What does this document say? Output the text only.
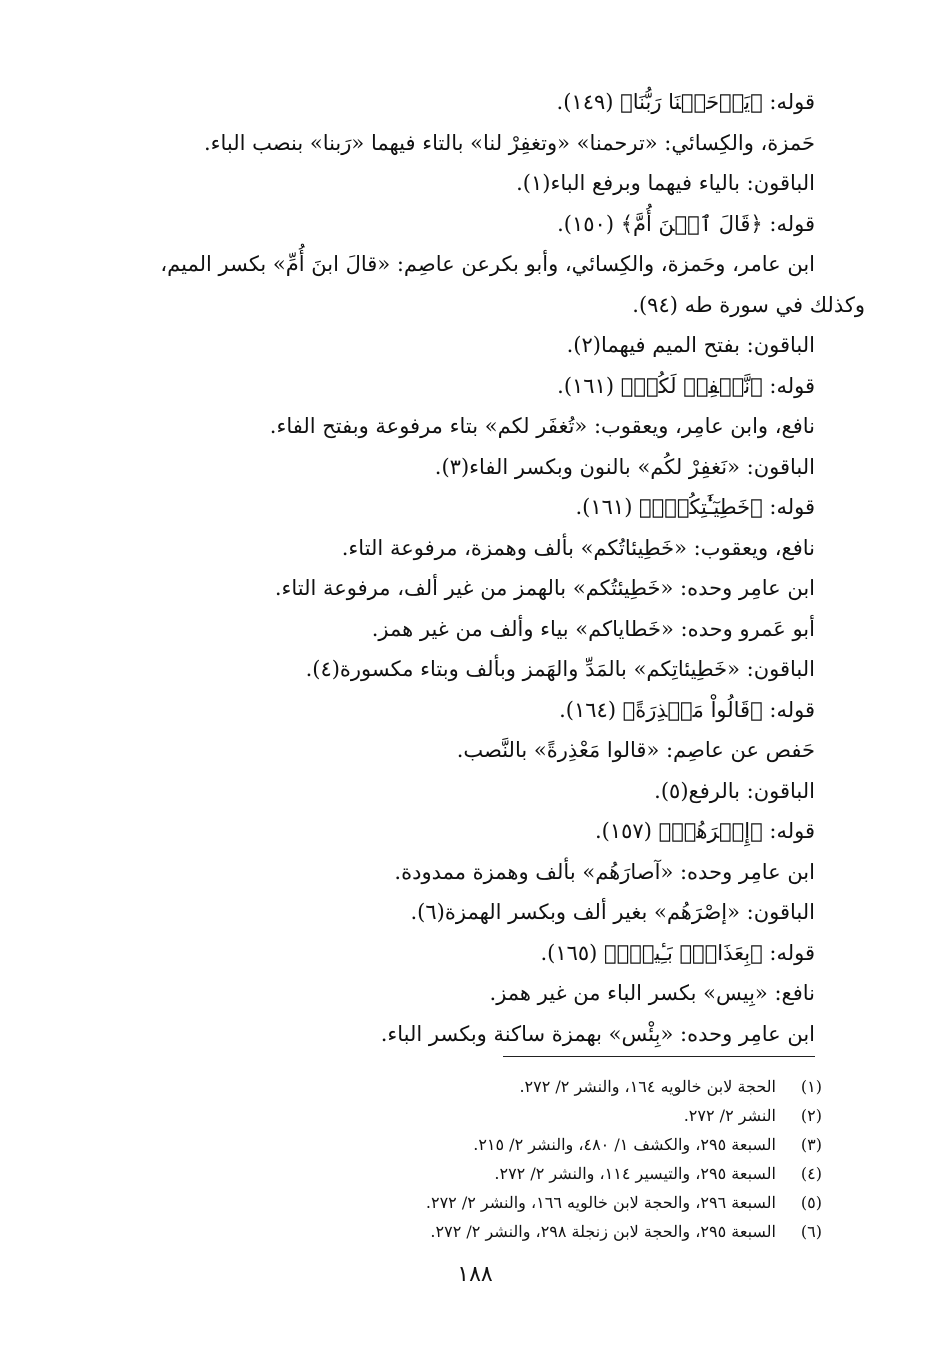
قوله: ﴿يَرۡحَمۡنَا رَبُّنَا﴾ (١٤٩).
حَمزة، والكِسائي: «ترحمنا» «وتغفِرْ لنا» بالتاء فيهما «رَبنا» بنصب الباء.
الباقون: بالياء فيهما وبرفع الباء(١).
قوله: ﴿قَالَ ٱبۡنَ أُمَّ﴾ (١٥٠).
ابن عامر، وحَمزة، والكِسائي، وأبو بكرعن عاصِم: «قالَ ابنَ أُمِّ» بكسر الميم،
وكذلك في سورة طه (٩٤).
الباقون: بفتح الميم فيهما(٢).
قوله: ﴿نَّغۡفِرۡ لَكُمۡ﴾ (١٦١).
نافع، وابن عامِر، ويعقوب: «تُغفَر لكم» بتاء مرفوعة وبفتح الفاء.
الباقون: «نَغفِرْ لكُم» بالنون وبكسر الفاء(٣).
قوله: ﴿خَطِيٓـَٰٔتِكُمۡۚ﴾ (١٦١).
نافع، ويعقوب: «خَطِيئاتُكم» بألف وهمزة، مرفوعة التاء.
ابن عامِر وحده: «خَطِيئتُكم» بالهمز من غير ألف، مرفوعة التاء.
أبو عَمرو وحده: «خَطاياكم» بياء وألف من غير همز.
الباقون: «خَطِيئاتِكم» بالمَدِّ والهَمز وبألف وبتاء مكسورة(٤).
قوله: ﴿قَالُواْ مَعۡذِرَةً﴾ (١٦٤).
حَفص عن عاصِم: «قالوا مَعْذِرةً» بالنَّصب.
الباقون: بالرفع(٥).
قوله: ﴿إِصۡرَهُمۡ﴾ (١٥٧).
ابن عامِر وحده: «آصارَهُم» بألف وهمزة ممدودة.
الباقون: «إصْرَهُم» بغير ألف وبكسر الهمزة(٦).
قوله: ﴿بِعَذَابِۭ بَـِٔيسِۭ﴾ (١٦٥).
نافع: «بِيس» بكسر الباء من غير همز.
ابن عامِر وحده: «بِئْس» بهمزة ساكنة وبكسر الباء.
(١)الحجة لابن خالويه ١٦٤، والنشر ٢/ ٢٧٢.
(٢)النشر ٢/ ٢٧٢.
(٣)السبعة ٢٩٥، والكشف ١/ ٤٨٠، والنشر ٢/ ٢١٥.
(٤)السبعة ٢٩٥، والتيسير ١١٤، والنشر ٢/ ٢٧٢.
(٥)السبعة ٢٩٦، والحجة لابن خالويه ١٦٦، والنشر ٢/ ٢٧٢.
(٦)السبعة ٢٩٥، والحجة لابن زنجلة ٢٩٨، والنشر ٢/ ٢٧٢.
١٨٨
